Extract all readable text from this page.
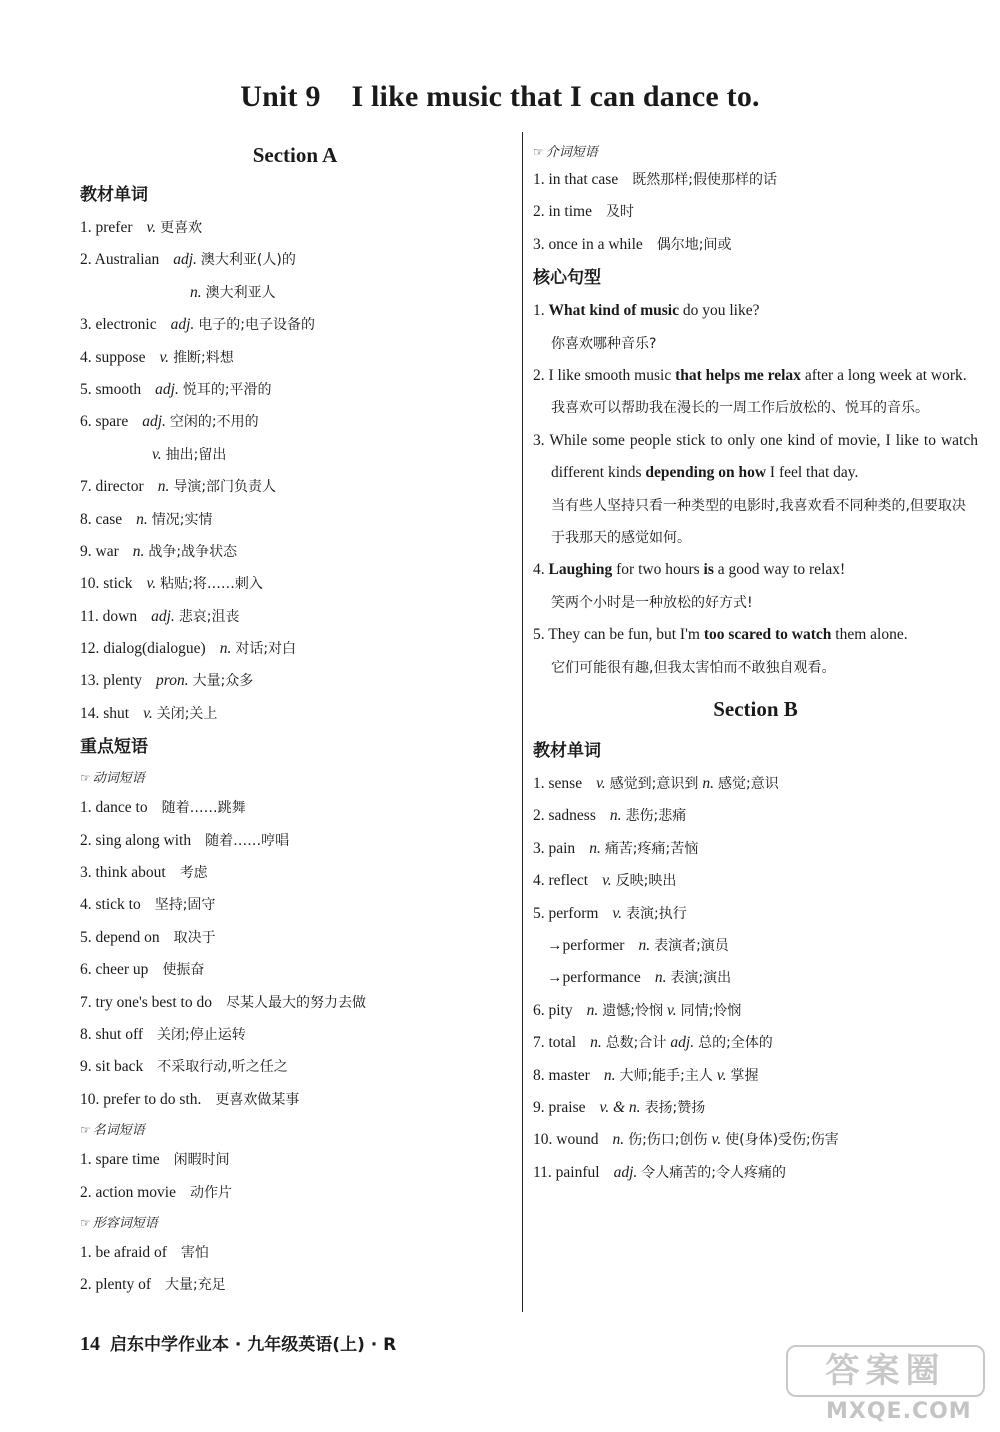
Unit 9    I like music that I can dance to.
Section A
教材单词
1. prefer v. 更喜欢
2. Australian adj. 澳大利亚(人)的
n. 澳大利亚人
3. electronic adj. 电子的;电子设备的
4. suppose v. 推断;料想
5. smooth adj. 悦耳的;平滑的
6. spare adj. 空闲的;不用的
v. 抽出;留出
7. director n. 导演;部门负责人
8. case n. 情况;实情
9. war n. 战争;战争状态
10. stick v. 粘贴;将……刺入
11. down adj. 悲哀;沮丧
12. dialog(dialogue) n. 对话;对白
13. plenty pron. 大量;众多
14. shut v. 关闭;关上
重点短语
☞ 动词短语
1. dance to 随着……跳舞
2. sing along with 随着……哼唱
3. think about 考虑
4. stick to 坚持;固守
5. depend on 取决于
6. cheer up 使振奋
7. try one's best to do 尽某人最大的努力去做
8. shut off 关闭;停止运转
9. sit back 不采取行动,听之任之
10. prefer to do sth. 更喜欢做某事
☞ 名词短语
1. spare time 闲暇时间
2. action movie 动作片
☞ 形容词短语
1. be afraid of 害怕
2. plenty of 大量;充足
☞ 介词短语
1. in that case 既然那样;假使那样的话
2. in time 及时
3. once in a while 偶尔地;间或
核心句型
1. What kind of music do you like?
你喜欢哪种音乐?
2. I like smooth music that helps me relax after a long week at work.
我喜欢可以帮助我在漫长的一周工作后放松的、悦耳的音乐。
3. While some people stick to only one kind of movie, I like to watch different kinds depending on how I feel that day.
当有些人坚持只看一种类型的电影时,我喜欢看不同种类的,但要取决于我那天的感觉如何。
4. Laughing for two hours is a good way to relax!
笑两个小时是一种放松的好方式!
5. They can be fun, but I'm too scared to watch them alone.
它们可能很有趣,但我太害怕而不敢独自观看。
Section B
教材单词
1. sense v. 感觉到;意识到 n. 感觉;意识
2. sadness n. 悲伤;悲痛
3. pain n. 痛苦;疼痛;苦恼
4. reflect v. 反映;映出
5. perform v. 表演;执行
→performer n. 表演者;演员
→performance n. 表演;演出
6. pity n. 遗憾;怜悯 v. 同情;怜悯
7. total n. 总数;合计 adj. 总的;全体的
8. master n. 大师;能手;主人 v. 掌握
9. praise v. & n. 表扬;赞扬
10. wound n. 伤;伤口;创伤 v. 使(身体)受伤;伤害
11. painful adj. 令人痛苦的;令人疼痛的
14 启东中学作业本 · 九年级英语(上) · R
答案圈
MXQE.COM
